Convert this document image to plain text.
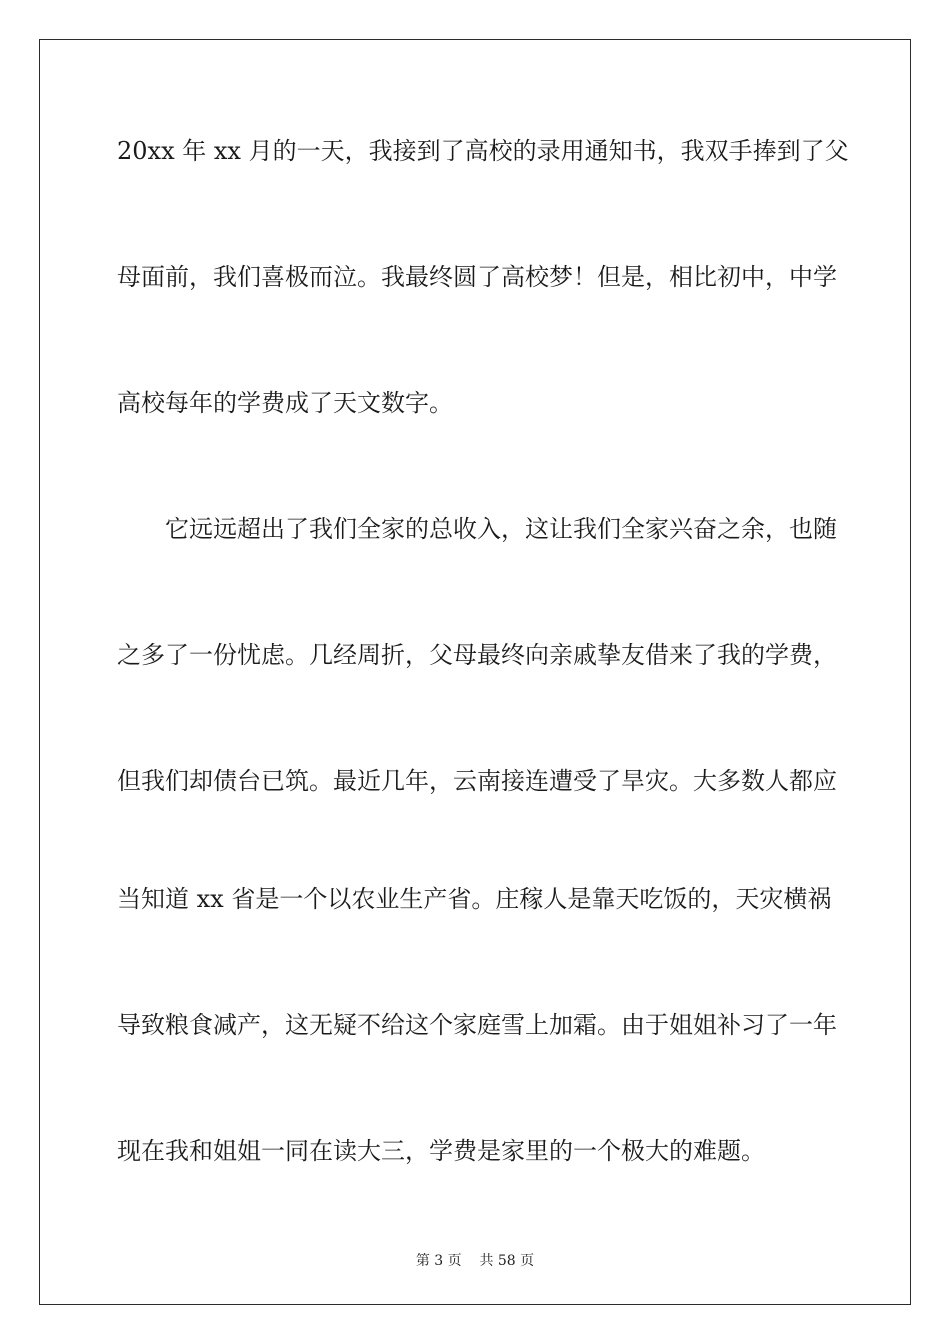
20xx 年 xx 月的一天，我接到了高校的录用通知书，我双手捧到了父
母面前，我们喜极而泣。我最终圆了高校梦！但是，相比初中，中学
高校每年的学费成了天文数字。
它远远超出了我们全家的总收入，这让我们全家兴奋之余，也随
之多了一份忧虑。几经周折，父母最终向亲戚挚友借来了我的学费，
但我们却债台已筑。最近几年，云南接连遭受了旱灾。大多数人都应
当知道 xx 省是一个以农业生产省。庄稼人是靠天吃饭的，天灾横祸
导致粮食减产，这无疑不给这个家庭雪上加霜。由于姐姐补习了一年
现在我和姐姐一同在读大三，学费是家里的一个极大的难题。
第 3 页 共 58 页
